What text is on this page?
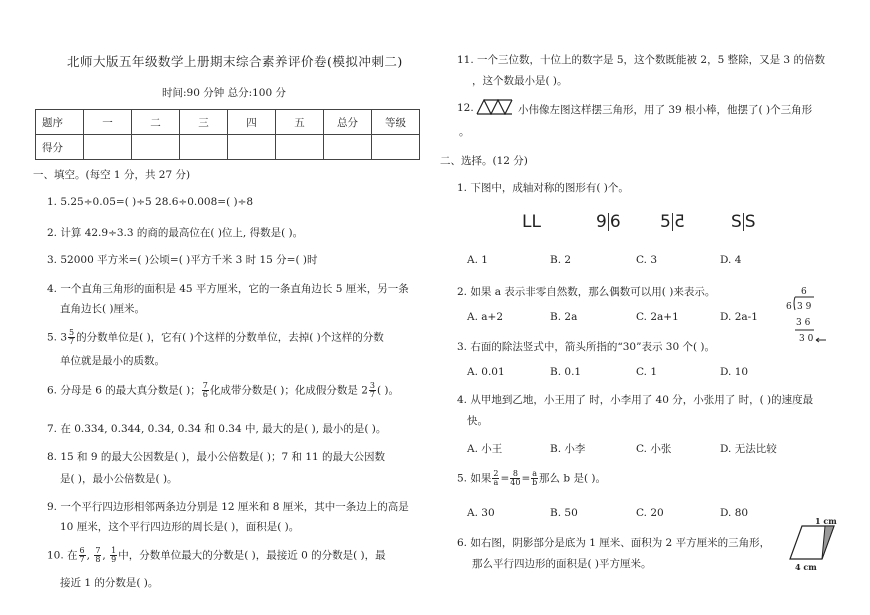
北师大版五年级数学上册期末综合素养评价卷(模拟冲刺二)
时间:90 分钟 总分:100 分
题序	一	二	三	四	五	总分	等级
得分							
一、填空。(每空 1 分，共 27 分)
1. 5.25÷0.05=( )÷5 28.6÷0.008=( )÷8
2. 计算 42.9÷3.3 的商的最高位在( )位上, 得数是( )。
3. 52000 平方米=( )公顷=( )平方千米 3 时 15 分=( )时
4. 一个直角三角形的面积是 45 平方厘米，它的一条直角边长 5 厘米，另一条
直角边长( )厘米。
5. $3 \frac{5}{7}$ 的分数单位是( )，它有( )个这样的分数单位，去掉( )个这样的分数
单位就是最小的质数。
6. 分母是 6 的最大真分数是( )； $\frac{7}{6}$ 化成带分数是( )；化成假分数是 $2 \frac{3}{7}$ ( )。
7. 在 0.334, 0.344, 0.34̇, 0.3̇4̇ 和 0.34 中, 最大的是( ), 最小的是( )。
8. 15 和 9 的最大公因数是( )，最小公倍数是( )；7 和 11 的最大公因数
是( )，最小公倍数是( )。
9. 一个平行四边形相邻两条边分别是 12 厘米和 8 厘米，其中一条边上的高是
10 厘米，这个平行四边形的周长是( )，面积是( )。
10. 在 $\frac{6}{7}$ , $\frac{7}{8}$ , $\frac{1}{9}$ 中，分数单位最大的分数是( )，最接近 0 的分数是( )，最
接近 1 的分数是( )。
11. 一个三位数，十位上的数字是 5，这个数既能被 2，5 整除，又是 3 的倍数
，这个数最小是( )。
12.	小伟像左图这样摆三角形，用了 39 根小棒，他摆了( )个三角形
。
二、选择。(12 分)
1. 下图中，成轴对称的图形有( )个。
LL	9 6 5 5	S S
A. 1	B. 2	C. 3	D. 4
2. 如果 a 表示非零自然数，那么偶数可以用( )来表示。
A. a+2	B. 2a	C. 2a+1	D. 2a-1
6
6 3 9
3 6
3 0
3. 右面的除法竖式中，箭头所指的“30”表示 30 个( )。
A. 0.01	B. 0.1	C. 1	D. 10
4. 从甲地到乙地，小王用了 时，小李用了 40 分，小张用了 时，( )的速度最
快。
A. 小王	B. 小李	C. 小张	D. 无法比较
5. 如果 $\frac{2}{a} = \frac{8}{40} = \frac{a}{b}$ 那么 b 是( )。
A. 30	B. 50	C. 20	D. 80
6. 如右图，阴影部分是底为 1 厘米、面积为 2 平方厘米的三角形，
那么平行四边形的面积是( )平方厘米。
1 cm
4 cm
